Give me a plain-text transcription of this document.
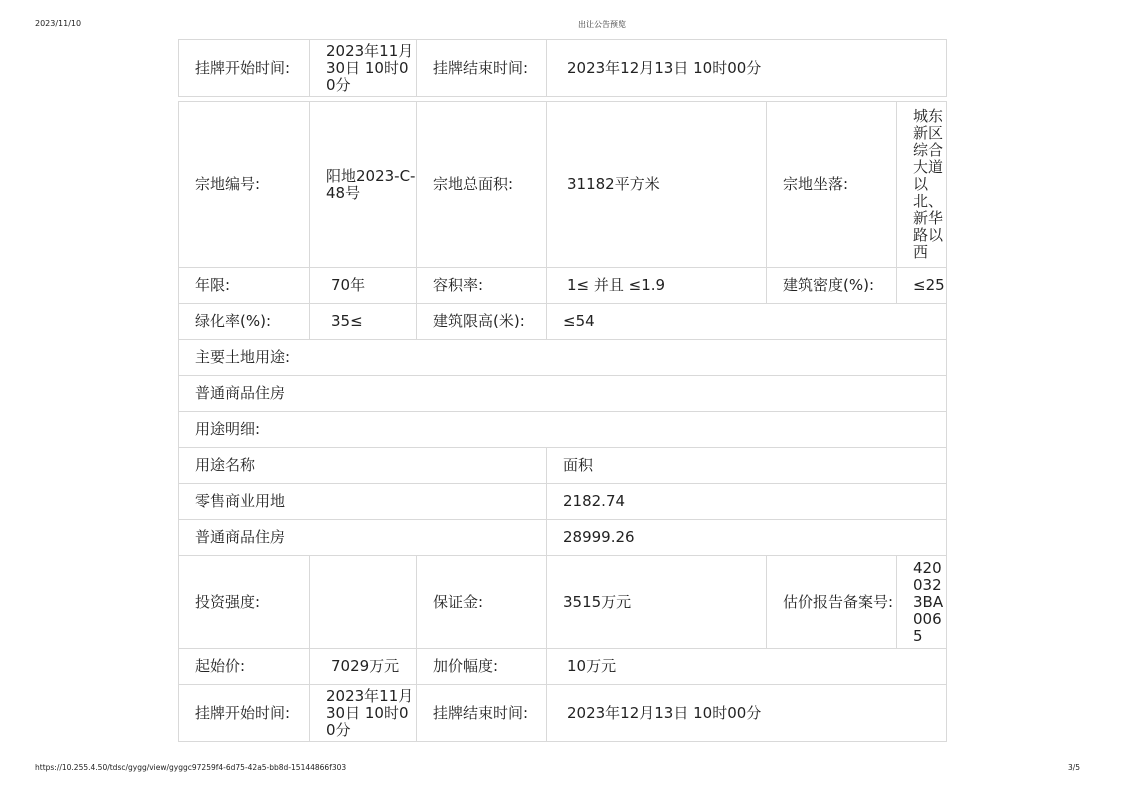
2023/11/10	出让公告预览
挂牌开始时间:	2023年11月30日 10时00分	挂牌结束时间:	2023年12月13日 10时00分
宗地编号:	阳地2023-C-48号	宗地总面积:	31182平方米	宗地坐落:	城东新区综合大道以北、新华路以西
年限:	70年	容积率:	1≤ 并且 ≤1.9	建筑密度(%):	≤25
绿化率(%):	35≤	建筑限高(米):	≤54		
主要土地用途:					
普通商品住房					
用途明细:					
用途名称			面积		
零售商业用地			2182.74		
普通商品住房			28999.26		
投资强度:		保证金:	3515万元	估价报告备案号:	4200323BA0065
起始价:	7029万元	加价幅度:	10万元		
挂牌开始时间:	2023年11月30日 10时00分	挂牌结束时间:	2023年12月13日 10时00分		
https://10.255.4.50/tdsc/gygg/view/gyggc97259f4-6d75-42a5-bb8d-15144866f303	3/5
